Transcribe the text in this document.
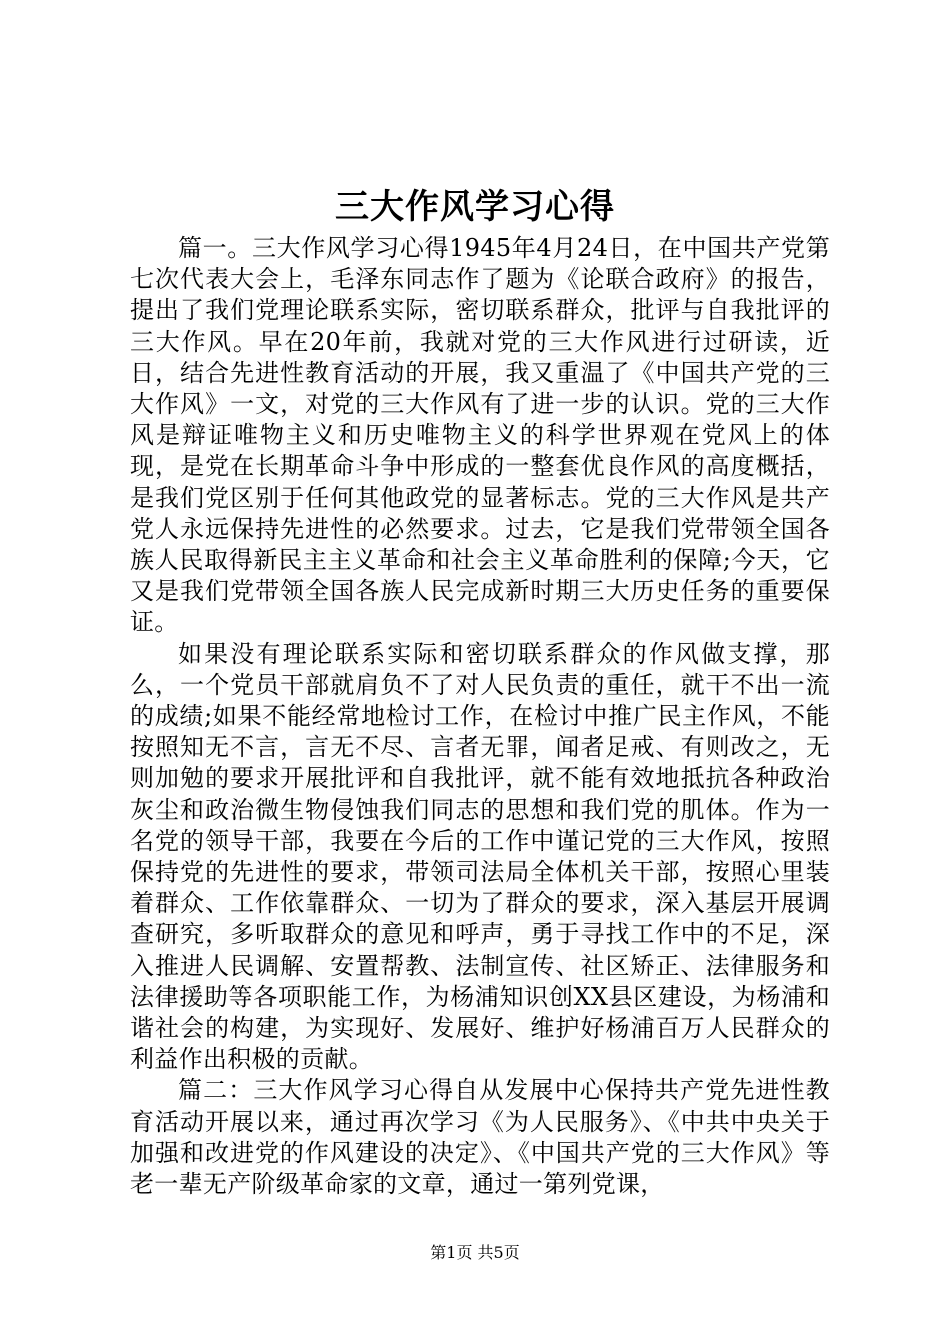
三大作风学习心得

篇一。三大作风学习心得1945年4月24日，在中国共产党第七次代表大会上，毛泽东同志作了题为《论联合政府》的报告，提出了我们党理论联系实际，密切联系群众，批评与自我批评的三大作风。早在20年前，我就对党的三大作风进行过研读，近日，结合先进性教育活动的开展，我又重温了《中国共产党的三大作风》一文，对党的三大作风有了进一步的认识。党的三大作风是辩证唯物主义和历史唯物主义的科学世界观在党风上的体现，是党在长期革命斗争中形成的一整套优良作风的高度概括，是我们党区别于任何其他政党的显著标志。党的三大作风是共产党人永远保持先进性的必然要求。过去，它是我们党带领全国各族人民取得新民主主义革命和社会主义革命胜利的保障;今天，它又是我们党带领全国各族人民完成新时期三大历史任务的重要保证。

如果没有理论联系实际和密切联系群众的作风做支撑，那么，一个党员干部就肩负不了对人民负责的重任，就干不出一流的成绩;如果不能经常地检讨工作，在检讨中推广民主作风，不能按照知无不言，言无不尽、言者无罪，闻者足戒、有则改之，无则加勉的要求开展批评和自我批评，就不能有效地抵抗各种政治灰尘和政治微生物侵蚀我们同志的思想和我们党的肌体。作为一名党的领导干部，我要在今后的工作中谨记党的三大作风，按照保持党的先进性的要求，带领司法局全体机关干部，按照心里装着群众、工作依靠群众、一切为了群众的要求，深入基层开展调查研究，多听取群众的意见和呼声，勇于寻找工作中的不足，深入推进人民调解、安置帮教、法制宣传、社区矫正、法律服务和法律援助等各项职能工作，为杨浦知识创XX县区建设，为杨浦和谐社会的构建，为实现好、发展好、维护好杨浦百万人民群众的利益作出积极的贡献。

篇二：三大作风学习心得自从发展中心保持共产党先进性教育活动开展以来，通过再次学习《为人民服务》、《中共中央关于加强和改进党的作风建设的决定》、《中国共产党的三大作风》等老一辈无产阶级革命家的文章，通过一第列党课，

第1页 共5页
